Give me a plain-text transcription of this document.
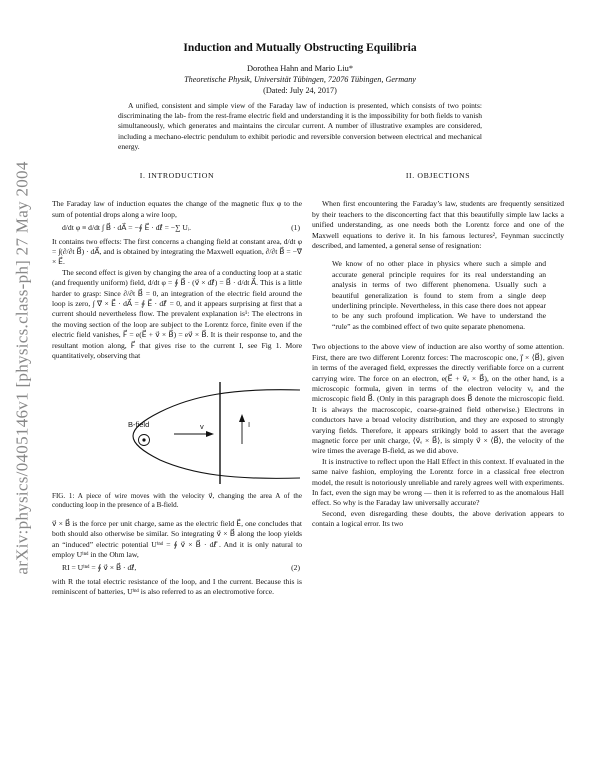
arXiv:physics/0405146v1 [physics.class-ph] 27 May 2004
Induction and Mutually Obstructing Equilibria
Dorothea Hahn and Mario Liu*
Theoretische Physik, Universität Tübingen, 72076 Tübingen, Germany
(Dated: July 24, 2017)
A unified, consistent and simple view of the Faraday law of induction is presented, which consists of two points: discriminating the lab- from the rest-frame electric field and understanding it is the impossibility for both fields to vanish simultaneously, which generates and maintains the circular current. A number of illustrative examples are considered, including a mechano-electric pendulum to exhibit periodic and reversible conversion between electrical and mechanical energy.

I. INTRODUCTION

The Faraday law of induction equates the change of the magnetic flux φ to the sum of potential drops along a wire loop,

d/dt φ ≡ d/dt ∫ B⃗ · dA⃗ = −∮ E⃗ · dℓ⃗ = −∑ Uᵢ.	(1)

It contains two effects: The first concerns a changing field at constant area, d/dt φ = ∫(∂/∂t B⃗) · dA⃗, and is obtained by integrating the Maxwell equation, ∂/∂t B⃗ = −∇⃗ × E⃗.

The second effect is given by changing the area of a conducting loop at a static (and frequently uniform) field, d/dt φ = ∮ B⃗ · (v⃗ × dℓ⃗) = B⃗ · d/dt A⃗. This is a little harder to grasp: Since ∂/∂t B⃗ = 0, an integration of the electric field around the loop is zero, ∫ ∇⃗ × E⃗ · dA⃗ = ∮ E⃗ · dℓ⃗ = 0, and it appears surprising at first that a current should nevertheless flow. The prevalent explanation is¹: The electrons in the moving section of the loop are subject to the Lorentz force, finite even if the electric field vanishes, F⃗ = e(E⃗ + v⃗ × B⃗) = ev⃗ × B⃗. It is their response to, and the resultant motion along, F⃗ that gives rise to the current I, see Fig 1. More quantitatively, observing that

B-field	v	I

FIG. 1: A piece of wire moves with the velocity v⃗, changing the area A of the conducting loop in the presence of a B-field.

v⃗ × B⃗ is the force per unit charge, same as the electric field E⃗, one concludes that both should also otherwise be similar. So integrating v⃗ × B⃗ along the loop yields an “induced” electric potential Uⁱⁿᵈ = ∮ v⃗ × B⃗ · dℓ⃗. And it is only natural to employ Uⁱⁿᵈ in the Ohm law,

RI = Uⁱⁿᵈ = ∮ v⃗ × B⃗ · dℓ⃗,	(2)

with R the total electric resistance of the loop, and I the current. Because this is reminiscent of batteries, Uⁱⁿᵈ is also referred to as an electromotive force.

II. OBJECTIONS

When first encountering the Faraday’s law, students are frequently sensitized by their teachers to the disconcerting fact that this beautifully simple law lacks a unified understanding, as one needs both the Lorentz force and one of the Maxwell equations to derive it. In his famous lectures², Feynman succinctly described, and lamented, a general sense of resignation:

We know of no other place in physics where such a simple and accurate general principle requires for its real understanding an analysis in terms of two different phenomena. Usually such a beautiful generalization is found to stem from a single deep underlining principle. Nevertheless, in this case there does not appear to be any such profound implication. We have to understand the “rule” as the combined effect of two quite separate phenomena.

Two objections to the above view of induction are also worthy of some attention. First, there are two different Lorentz forces: The macroscopic one, j⃗ × ⟨B⃗⟩, given in terms of the averaged field, expresses the directly verifiable force on a current carrying wire. The force on an electron, e(E⃗ + v⃗ₑ × B⃗), on the other hand, is a microscopic formula, given in terms of the electron velocity vₑ and the microscopic field B⃗. (Only in this paragraph does B⃗ denote the microscopic field. It is always the macroscopic, coarse-grained field otherwise.) Electrons in conductors have a broad velocity distribution, and they are exposed to strongly varying fields. Therefore, it appears strikingly bold to assert that the average magnetic force per unit charge, ⟨v⃗ₑ × B⃗⟩, is simply v⃗ × ⟨B⃗⟩, the velocity of the wire times the average B-field, as we did above.

It is instructive to reflect upon the Hall Effect in this context. If evaluated in the same naive fashion, employing the Lorentz force in a classical free electron model, the result is notoriously unreliable and rarely agrees well with experiments. In fact, even the sign may be wrong — then it is referred to as the anomalous Hall effect. So why is the Faraday law universally accurate?

Second, even disregarding these doubts, the above derivation appears to contain a logical error. Its two
